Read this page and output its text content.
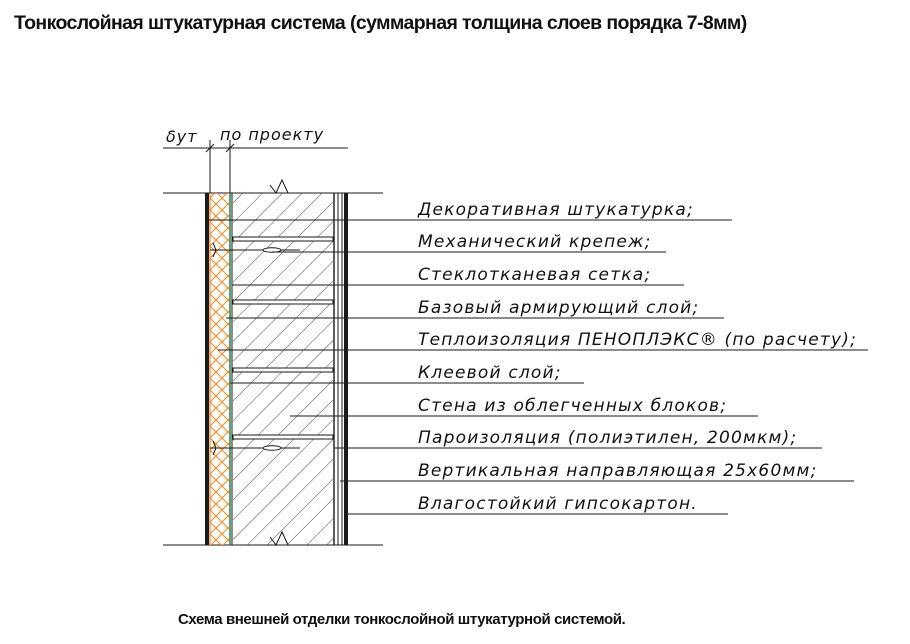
Тонкослойная штукатурная система (суммарная толщина слоев порядка 7-8мм)
δут по проекту
Декоративная штукатурка;
Механический крепеж;
Стеклотканевая сетка;
Базовый армирующий слой;
Теплоизоляция ПЕНОПЛЭКС® (по расчету);
Клеевой слой;
Стена из облегченных блоков;
Пароизоляция (полиэтилен, 200мкм);
Вертикальная направляющая 25х60мм;
Влагостойкий гипсокартон.
Схема внешней отделки тонкослойной штукатурной системой.
